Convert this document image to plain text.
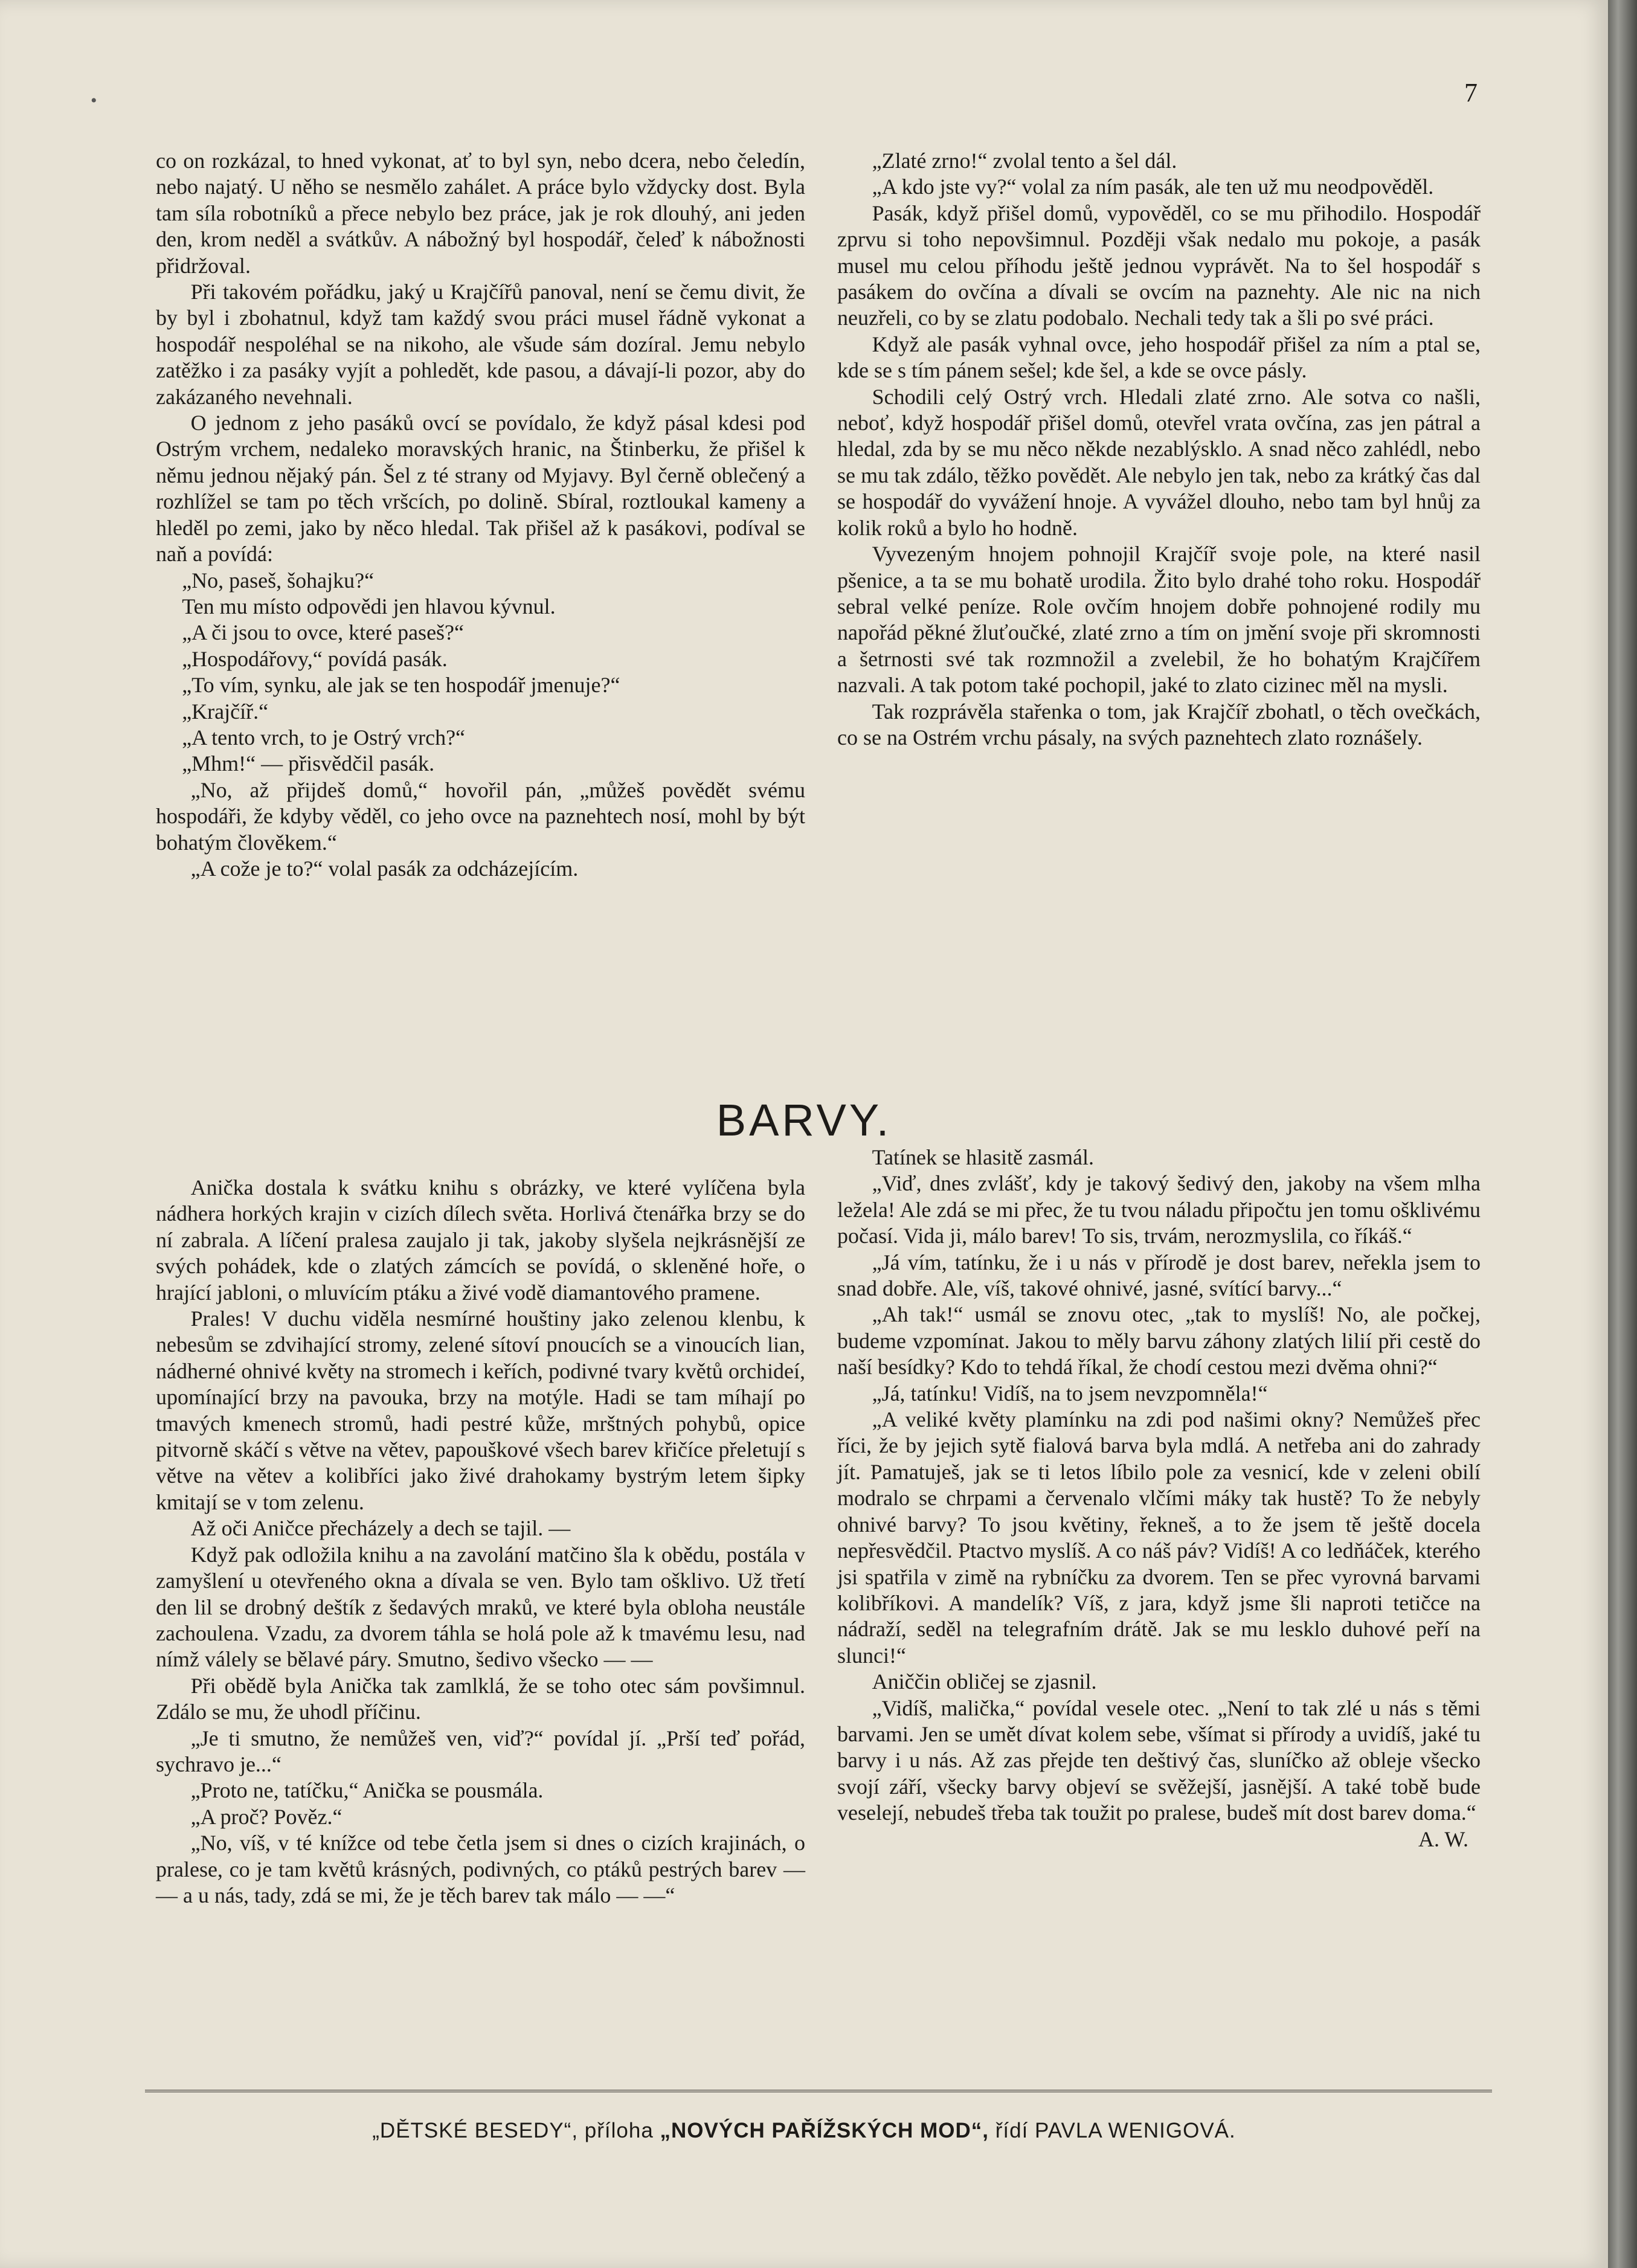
•	7

co on rozkázal, to hned vykonat, ať to byl syn, nebo dcera, nebo čeledín, nebo najatý. U něho se nesmělo zahálet. A práce bylo vždycky dost. Byla tam síla robotníků a přece nebylo bez práce, jak je rok dlouhý, ani jeden den, krom neděl a svátkův. A nábožný byl hospodář, čeleď k nábožnosti přidržoval.

Při takovém pořádku, jaký u Krajčířů panoval, není se čemu divit, že by byl i zbohatnul, když tam každý svou práci musel řádně vykonat a hospodář nespoléhal se na nikoho, ale všude sám dozíral. Jemu nebylo zatěžko i za pasáky vyjít a pohledět, kde pasou, a dávají-li pozor, aby do zakázaného nevehnali.

O jednom z jeho pasáků ovcí se povídalo, že když pásal kdesi pod Ostrým vrchem, nedaleko moravských hranic, na Štinberku, že přišel k němu jednou nějaký pán. Šel z té strany od Myjavy. Byl černě oblečený a rozhlížel se tam po těch vršcích, po dolině. Sbíral, roztloukal kameny a hleděl po zemi, jako by něco hledal. Tak přišel až k pasákovi, podíval se naň a povídá:

„No, paseš, šohajku?“

Ten mu místo odpovědi jen hlavou kývnul.

„A či jsou to ovce, které paseš?“

„Hospodářovy,“ povídá pasák.

„To vím, synku, ale jak se ten hospodář jmenuje?“

„Krajčíř.“

„A tento vrch, to je Ostrý vrch?“

„Mhm!“ — přisvědčil pasák.

„No, až přijdeš domů,“ hovořil pán, „můžeš povědět svému hospodáři, že kdyby věděl, co jeho ovce na paznehtech nosí, mohl by být bohatým člověkem.“

„A cože je to?“ volal pasák za odcházejícím.

„Zlaté zrno!“ zvolal tento a šel dál.

„A kdo jste vy?“ volal za ním pasák, ale ten už mu neodpověděl.

Pasák, když přišel domů, vypověděl, co se mu přihodilo. Hospodář zprvu si toho nepovšimnul. Později však nedalo mu pokoje, a pasák musel mu celou příhodu ještě jednou vyprávět. Na to šel hospodář s pasákem do ovčína a dívali se ovcím na paznehty. Ale nic na nich neuzřeli, co by se zlatu podobalo. Nechali tedy tak a šli po své práci.

Když ale pasák vyhnal ovce, jeho hospodář přišel za ním a ptal se, kde se s tím pánem sešel; kde šel, a kde se ovce pásly.

Schodili celý Ostrý vrch. Hledali zlaté zrno. Ale sotva co našli, neboť, když hospodář přišel domů, otevřel vrata ovčína, zas jen pátral a hledal, zda by se mu něco někde nezablýsklo. A snad něco zahlédl, nebo se mu tak zdálo, těžko povědět. Ale nebylo jen tak, nebo za krátký čas dal se hospodář do vyvážení hnoje. A vyvážel dlouho, nebo tam byl hnůj za kolik roků a bylo ho hodně.

Vyvezeným hnojem pohnojil Krajčíř svoje pole, na které nasil pšenice, a ta se mu bohatě urodila. Žito bylo drahé toho roku. Hospodář sebral velké peníze. Role ovčím hnojem dobře pohnojené rodily mu napořád pěkné žluťoučké, zlaté zrno a tím on jmění svoje při skromnosti a šetrnosti své tak rozmnožil a zvelebil, že ho bohatým Krajčířem nazvali. A tak potom také pochopil, jaké to zlato cizinec měl na mysli.

Tak rozprávěla stařenka o tom, jak Krajčíř zbohatl, o těch ovečkách, co se na Ostrém vrchu pásaly, na svých paznehtech zlato roznášely.

BARVY.

Anička dostala k svátku knihu s obrázky, ve které vylíčena byla nádhera horkých krajin v cizích dílech světa. Horlivá čtenářka brzy se do ní zabrala. A líčení pralesa zaujalo ji tak, jakoby slyšela nejkrásnější ze svých pohádek, kde o zlatých zámcích se povídá, o skleněné hoře, o hrající jabloni, o mluvícím ptáku a živé vodě diamantového pramene.

Prales! V duchu viděla nesmírné houštiny jako zelenou klenbu, k nebesům se zdvihající stromy, zelené sítoví pnoucích se a vinoucích lian, nádherné ohnivé květy na stromech i keřích, podivné tvary květů orchideí, upomínající brzy na pavouka, brzy na motýle. Hadi se tam míhají po tmavých kmenech stromů, hadi pestré kůže, mrštných pohybů, opice pitvorně skáčí s větve na větev, papouškové všech barev křičíce přeletují s větve na větev a kolibříci jako živé drahokamy bystrým letem šipky kmitají se v tom zelenu.

Až oči Aničce přecházely a dech se tajil. —

Když pak odložila knihu a na zavolání matčino šla k obědu, postála v zamyšlení u otevřeného okna a dívala se ven. Bylo tam ošklivo. Už třetí den lil se drobný deštík z šedavých mraků, ve které byla obloha neustále zachoulena. Vzadu, za dvorem táhla se holá pole až k tmavému lesu, nad nímž válely se bělavé páry. Smutno, šedivo všecko — —

Při obědě byla Anička tak zamlklá, že se toho otec sám povšimnul. Zdálo se mu, že uhodl příčinu.

„Je ti smutno, že nemůžeš ven, viď?“ povídal jí. „Prší teď pořád, sychravo je...“

„Proto ne, tatíčku,“ Anička se pousmála.

„A proč? Pověz.“

„No, víš, v té knížce od tebe četla jsem si dnes o cizích krajinách, o pralese, co je tam květů krásných, podivných, co ptáků pestrých barev — — a u nás, tady, zdá se mi, že je těch barev tak málo — —“

Tatínek se hlasitě zasmál.

„Viď, dnes zvlášť, kdy je takový šedivý den, jakoby na všem mlha ležela! Ale zdá se mi přec, že tu tvou náladu připočtu jen tomu ošklivému počasí. Vida ji, málo barev! To sis, trvám, nerozmyslila, co říkáš.“

„Já vím, tatínku, že i u nás v přírodě je dost barev, neřekla jsem to snad dobře. Ale, víš, takové ohnivé, jasné, svítící barvy...“

„Ah tak!“ usmál se znovu otec, „tak to myslíš! No, ale počkej, budeme vzpomínat. Jakou to měly barvu záhony zlatých lilií při cestě do naší besídky? Kdo to tehdá říkal, že chodí cestou mezi dvěma ohni?“

„Já, tatínku! Vidíš, na to jsem nevzpomněla!“

„A veliké květy plamínku na zdi pod našimi okny? Nemůžeš přec říci, že by jejich sytě fialová barva byla mdlá. A netřeba ani do zahrady jít. Pamatuješ, jak se ti letos líbilo pole za vesnicí, kde v zeleni obilí modralo se chrpami a červenalo vlčími máky tak hustě? To že nebyly ohnivé barvy? To jsou květiny, řekneš, a to že jsem tě ještě docela nepřesvědčil. Ptactvo myslíš. A co náš páv? Vidíš! A co ledňáček, kterého jsi spatřila v zimě na rybníčku za dvorem. Ten se přec vyrovná barvami kolibříkovi. A mandelík? Víš, z jara, když jsme šli naproti tetičce na nádraží, seděl na telegrafním drátě. Jak se mu lesklo duhové peří na slunci!“

Aniččin obličej se zjasnil.

„Vidíš, malička,“ povídal vesele otec. „Není to tak zlé u nás s těmi barvami. Jen se umět dívat kolem sebe, všímat si přírody a uvidíš, jaké tu barvy i u nás. Až zas přejde ten deštivý čas, sluníčko až obleje všecko svojí září, všecky barvy objeví se svěžejší, jasnější. A také tobě bude veselejí, nebudeš třeba tak toužit po pralese, budeš mít dost barev doma.“

A. W.

„DĚTSKÉ BESEDY“, příloha „NOVÝCH PAŘÍŽSKÝCH MOD“, řídí PAVLA WENIGOVÁ.
